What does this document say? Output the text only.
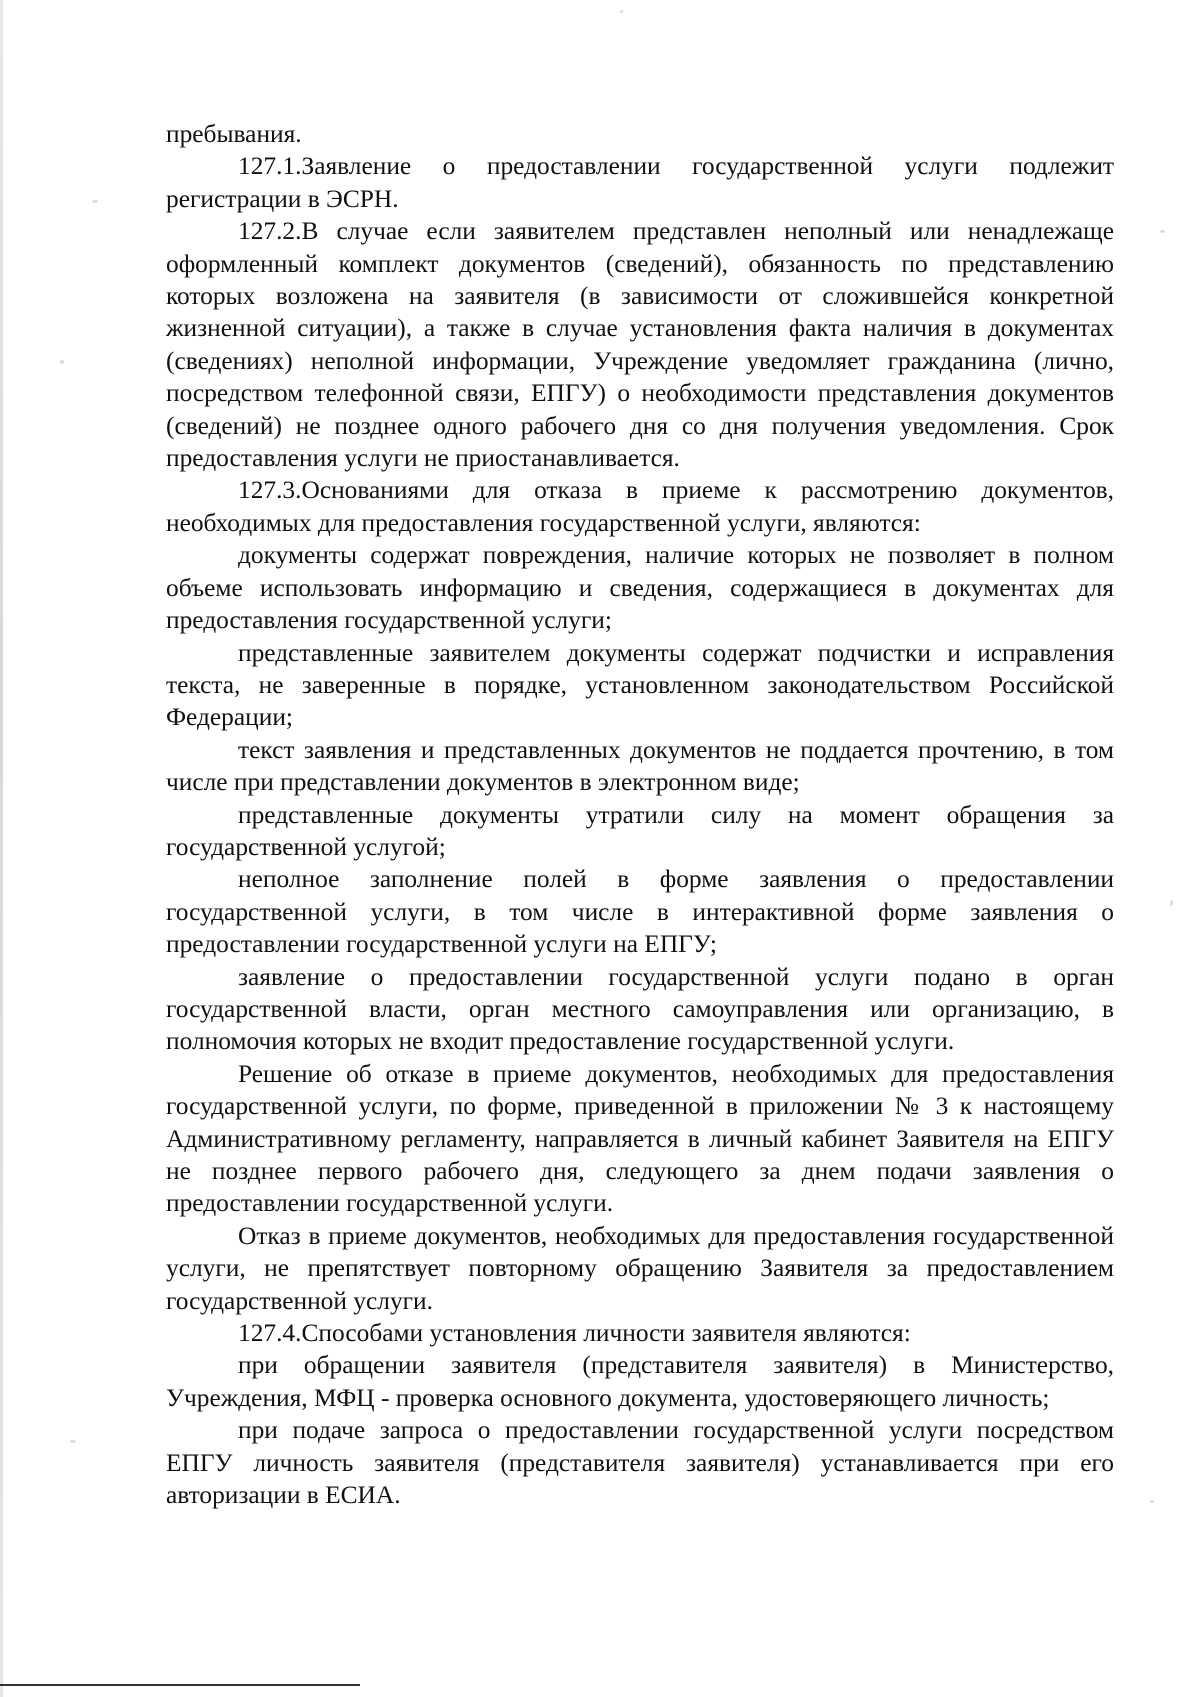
пребывания.

127.1.Заявление о предоставлении государственной услуги подлежит регистрации в ЭСРН.

127.2.В случае если заявителем представлен неполный или ненадлежаще оформленный комплект документов (сведений), обязанность по представлению которых возложена на заявителя (в зависимости от сложившейся конкретной жизненной ситуации), а также в случае установления факта наличия в документах (сведениях) неполной информации, Учреждение уведомляет гражданина (лично, посредством телефонной связи, ЕПГУ) о необходимости представления документов (сведений) не позднее одного рабочего дня со дня получения уведомления. Срок предоставления услуги не приостанавливается.

127.3.Основаниями для отказа в приеме к рассмотрению документов, необходимых для предоставления государственной услуги, являются:

документы содержат повреждения, наличие которых не позволяет в полном объеме использовать информацию и сведения, содержащиеся в документах для предоставления государственной услуги;

представленные заявителем документы содержат подчистки и исправления текста, не заверенные в порядке, установленном законодательством Российской Федерации;

текст заявления и представленных документов не поддается прочтению, в том числе при представлении документов в электронном виде;

представленные документы утратили силу на момент обращения за государственной услугой;

неполное заполнение полей в форме заявления о предоставлении государственной услуги, в том числе в интерактивной форме заявления о предоставлении государственной услуги на ЕПГУ;

заявление о предоставлении государственной услуги подано в орган государственной власти, орган местного самоуправления или организацию, в полномочия которых не входит предоставление государственной услуги.

Решение об отказе в приеме документов, необходимых для предоставления государственной услуги, по форме, приведенной в приложении № 3 к настоящему Административному регламенту, направляется в личный кабинет Заявителя на ЕПГУ не позднее первого рабочего дня, следующего за днем подачи заявления о предоставлении государственной услуги.

Отказ в приеме документов, необходимых для предоставления государственной услуги, не препятствует повторному обращению Заявителя за предоставлением государственной услуги.

127.4.Способами установления личности заявителя являются:

при обращении заявителя (представителя заявителя) в Министерство, Учреждения, МФЦ - проверка основного документа, удостоверяющего личность;

при подаче запроса о предоставлении государственной услуги посредством ЕПГУ личность заявителя (представителя заявителя) устанавливается при его авторизации в ЕСИА.
